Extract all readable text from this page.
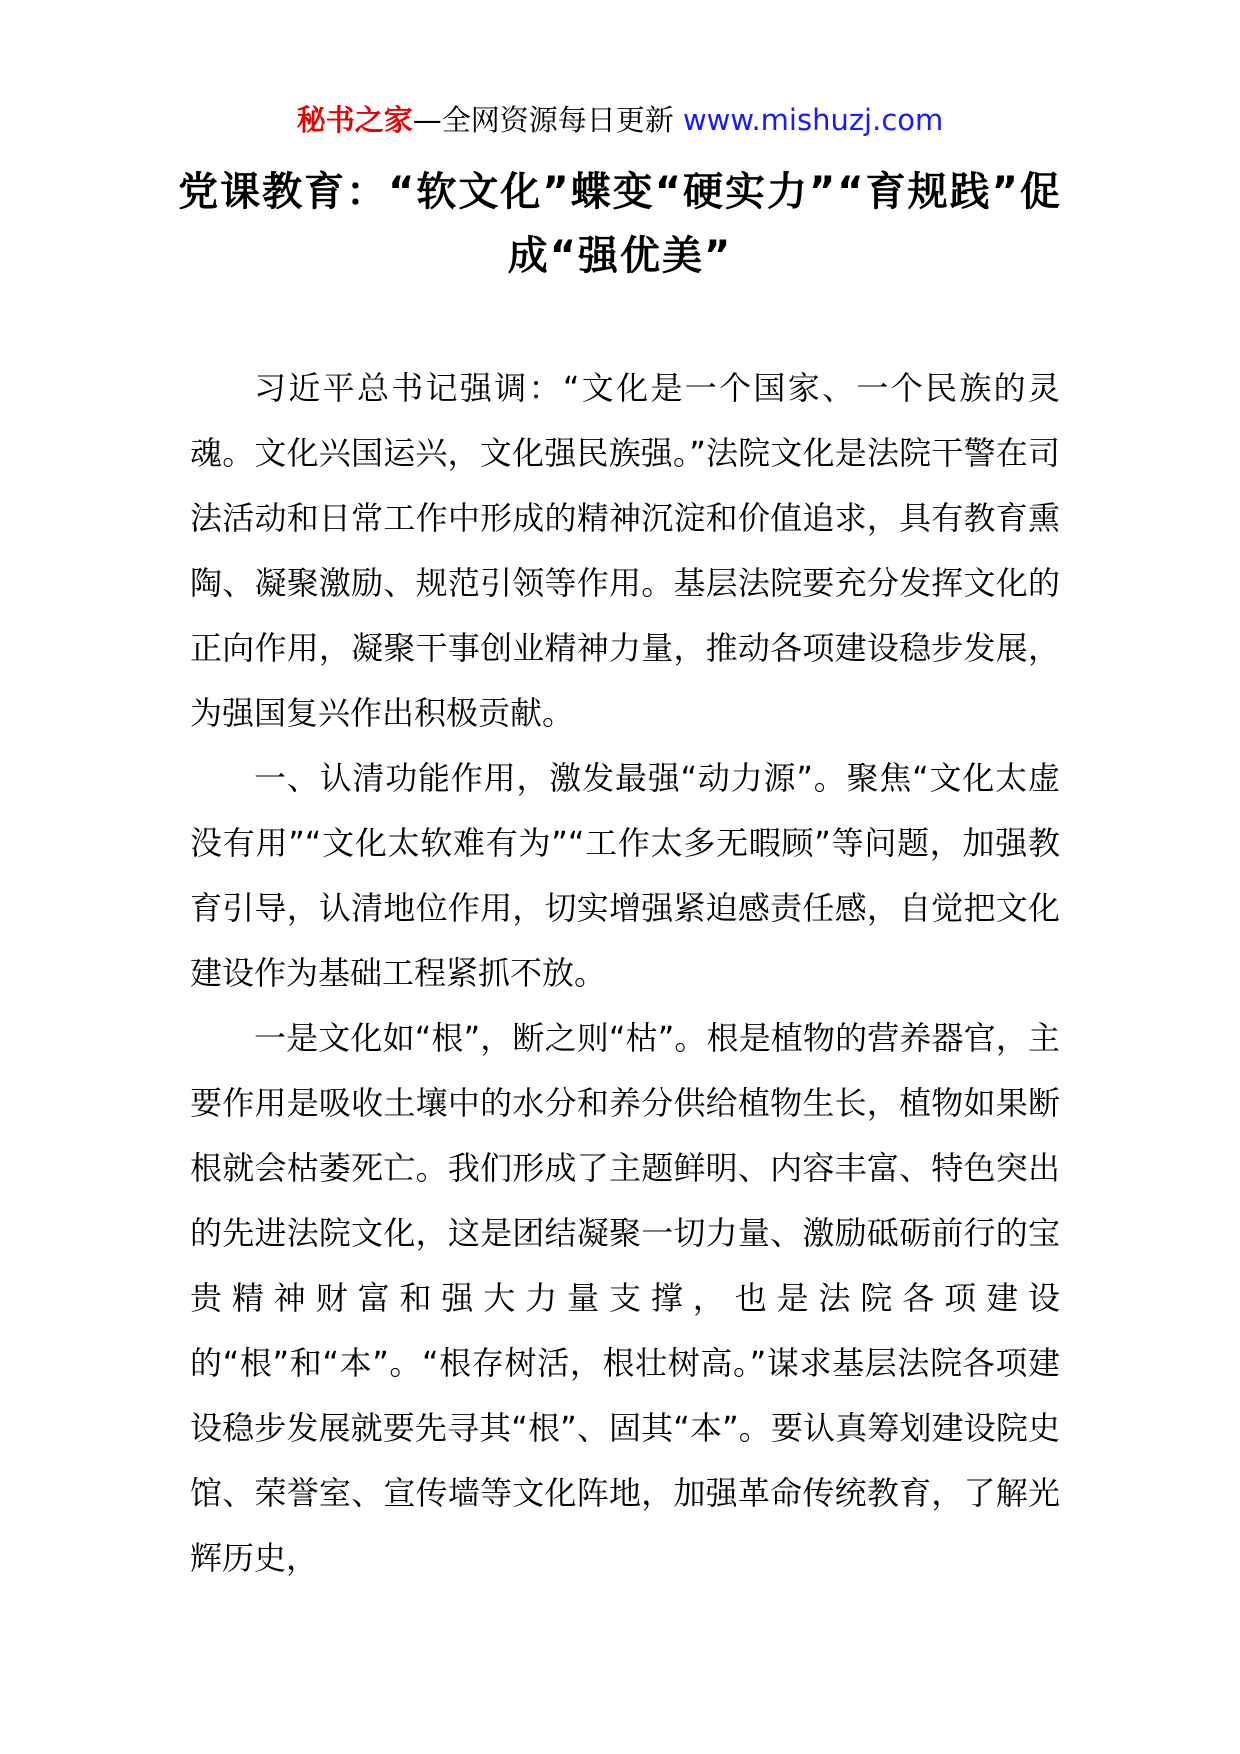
秘书之家—全网资源每日更新 www.mishuzj.com
党课教育：“软文化”蝶变“硬实力”“育规践”促成“强优美”

习近平总书记强调：“文化是一个国家、一个民族的灵魂。文化兴国运兴，文化强民族强。”法院文化是法院干警在司法活动和日常工作中形成的精神沉淀和价值追求，具有教育熏陶、凝聚激励、规范引领等作用。基层法院要充分发挥文化的正向作用，凝聚干事创业精神力量，推动各项建设稳步发展，为强国复兴作出积极贡献。

一、认清功能作用，激发最强“动力源”。聚焦“文化太虚没有用”“文化太软难有为”“工作太多无暇顾”等问题，加强教育引导，认清地位作用，切实增强紧迫感责任感，自觉把文化建设作为基础工程紧抓不放。

一是文化如“根”，断之则“枯”。根是植物的营养器官，主要作用是吸收土壤中的水分和养分供给植物生长，植物如果断根就会枯萎死亡。我们形成了主题鲜明、内容丰富、特色突出的先进法院文化，这是团结凝聚一切力量、激励砥砺前行的宝贵精神财富和强大力量支撑，也是法院各项建设的“根”和“本”。“根存树活，根壮树高。”谋求基层法院各项建设稳步发展就要先寻其“根”、固其“本”。要认真筹划建设院史馆、荣誉室、宣传墙等文化阵地，加强革命传统教育，了解光辉历史，
